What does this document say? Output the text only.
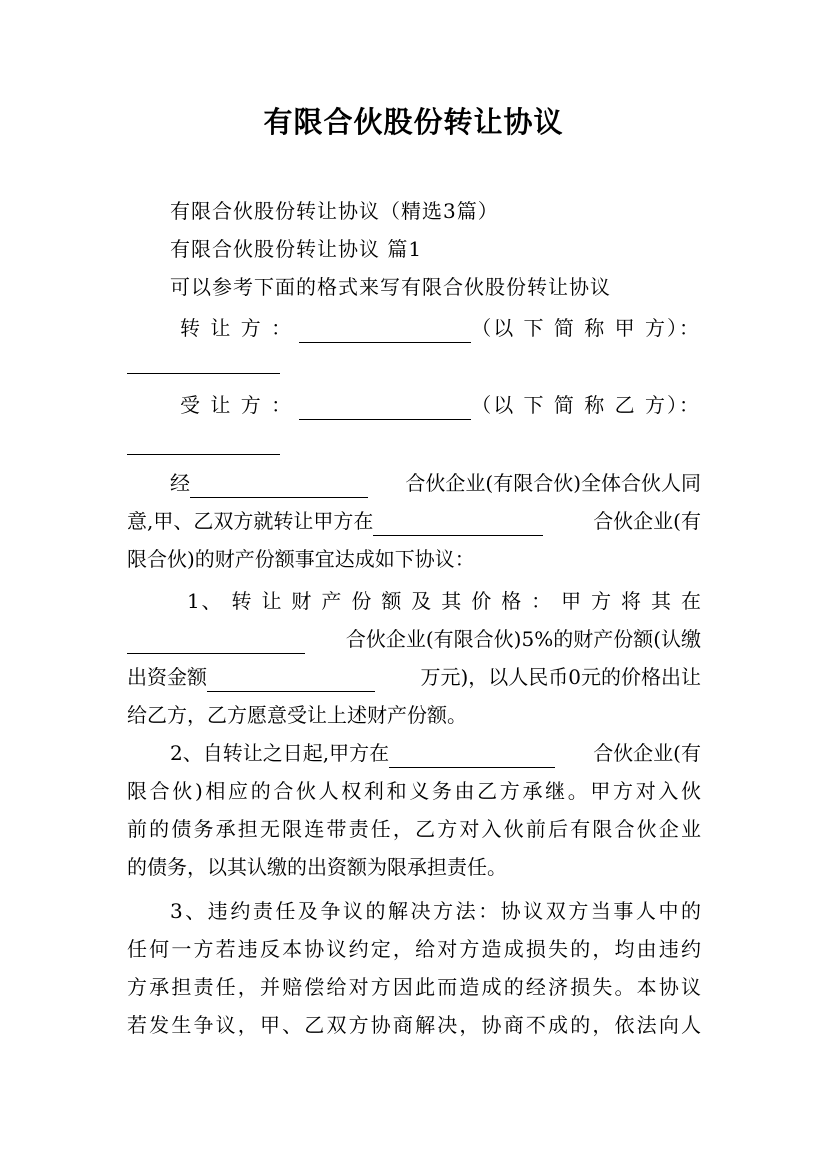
有限合伙股份转让协议
有限合伙股份转让协议（精选3篇）
有限合伙股份转让协议 篇1
可以参考下面的格式来写有限合伙股份转让协议
转 让 方 ：	（以 下 简 称 甲 方）：
受 让 方 ：	（以 下 简 称 乙 方）：
经	合伙企业(有限合伙)全体合伙人同
意,甲、乙双方就转让甲方在	合伙企业(有
限合伙)的财产份额事宜达成如下协议：
1、 转 让 财 产 份 额 及 其 价 格 ： 甲 方 将 其 在
合伙企业(有限合伙)5%的财产份额(认缴
出资金额	万元)，以人民币0元的价格出让
给乙方，乙方愿意受让上述财产份额。
2、自转让之日起,甲方在	合伙企业(有
限合伙)相应的合伙人权利和义务由乙方承继。甲方对入伙
前的债务承担无限连带责任，乙方对入伙前后有限合伙企业
的债务，以其认缴的出资额为限承担责任。
3、违约责任及争议的解决方法：协议双方当事人中的
任何一方若违反本协议约定，给对方造成损失的，均由违约
方承担责任，并赔偿给对方因此而造成的经济损失。本协议
若发生争议，甲、乙双方协商解决，协商不成的，依法向人
